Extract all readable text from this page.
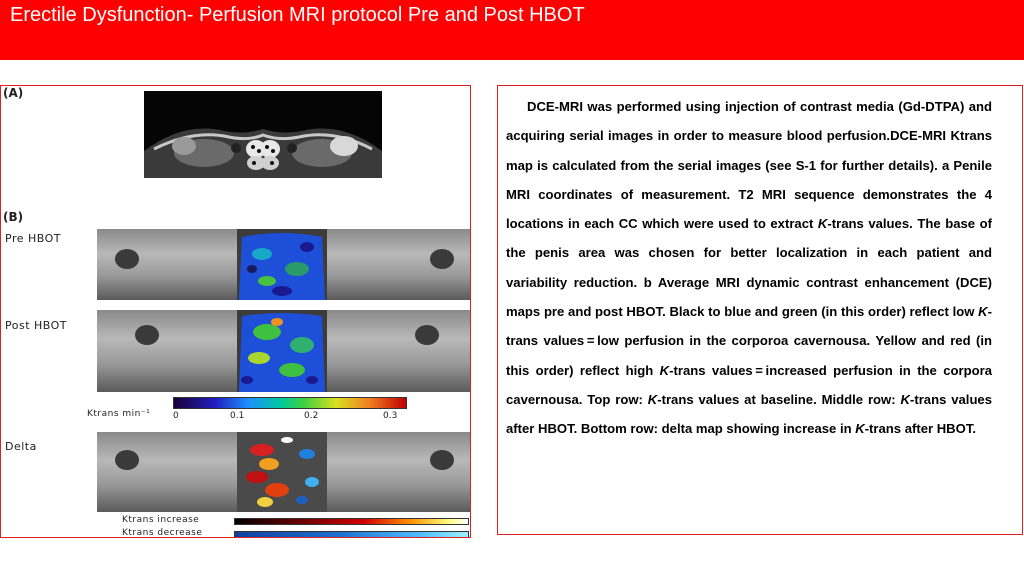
Erectile Dysfunction- Perfusion MRI protocol Pre and Post HBOT
(A)
(B)
Pre HBOT
Post HBOT
Ktrans min⁻¹	0	0.1	0.2	0.3
Delta
Ktrans increase
Ktrans decrease
DCE-MRI was performed using injection of contrast media (Gd-DTPA) and acquiring serial images in order to measure blood perfusion.DCE-MRI Ktrans map is calculated from the serial images (see S-1 for further details). a Penile MRI coordinates of measurement. T2 MRI sequence demonstrates the 4 locations in each CC which were used to extract K-trans values. The base of the penis area was chosen for better localization in each patient and variability reduction. b Average MRI dynamic contrast enhancement (DCE) maps pre and post HBOT. Black to blue and green (in this order) reflect low K-trans values = low perfusion in the corporoa cavernousa. Yellow and red (in this order) reflect high K-trans values = increased perfusion in the corpora cavernousa. Top row: K-trans values at baseline. Middle row: K-trans values after HBOT. Bottom row: delta map showing increase in K-trans after HBOT.
